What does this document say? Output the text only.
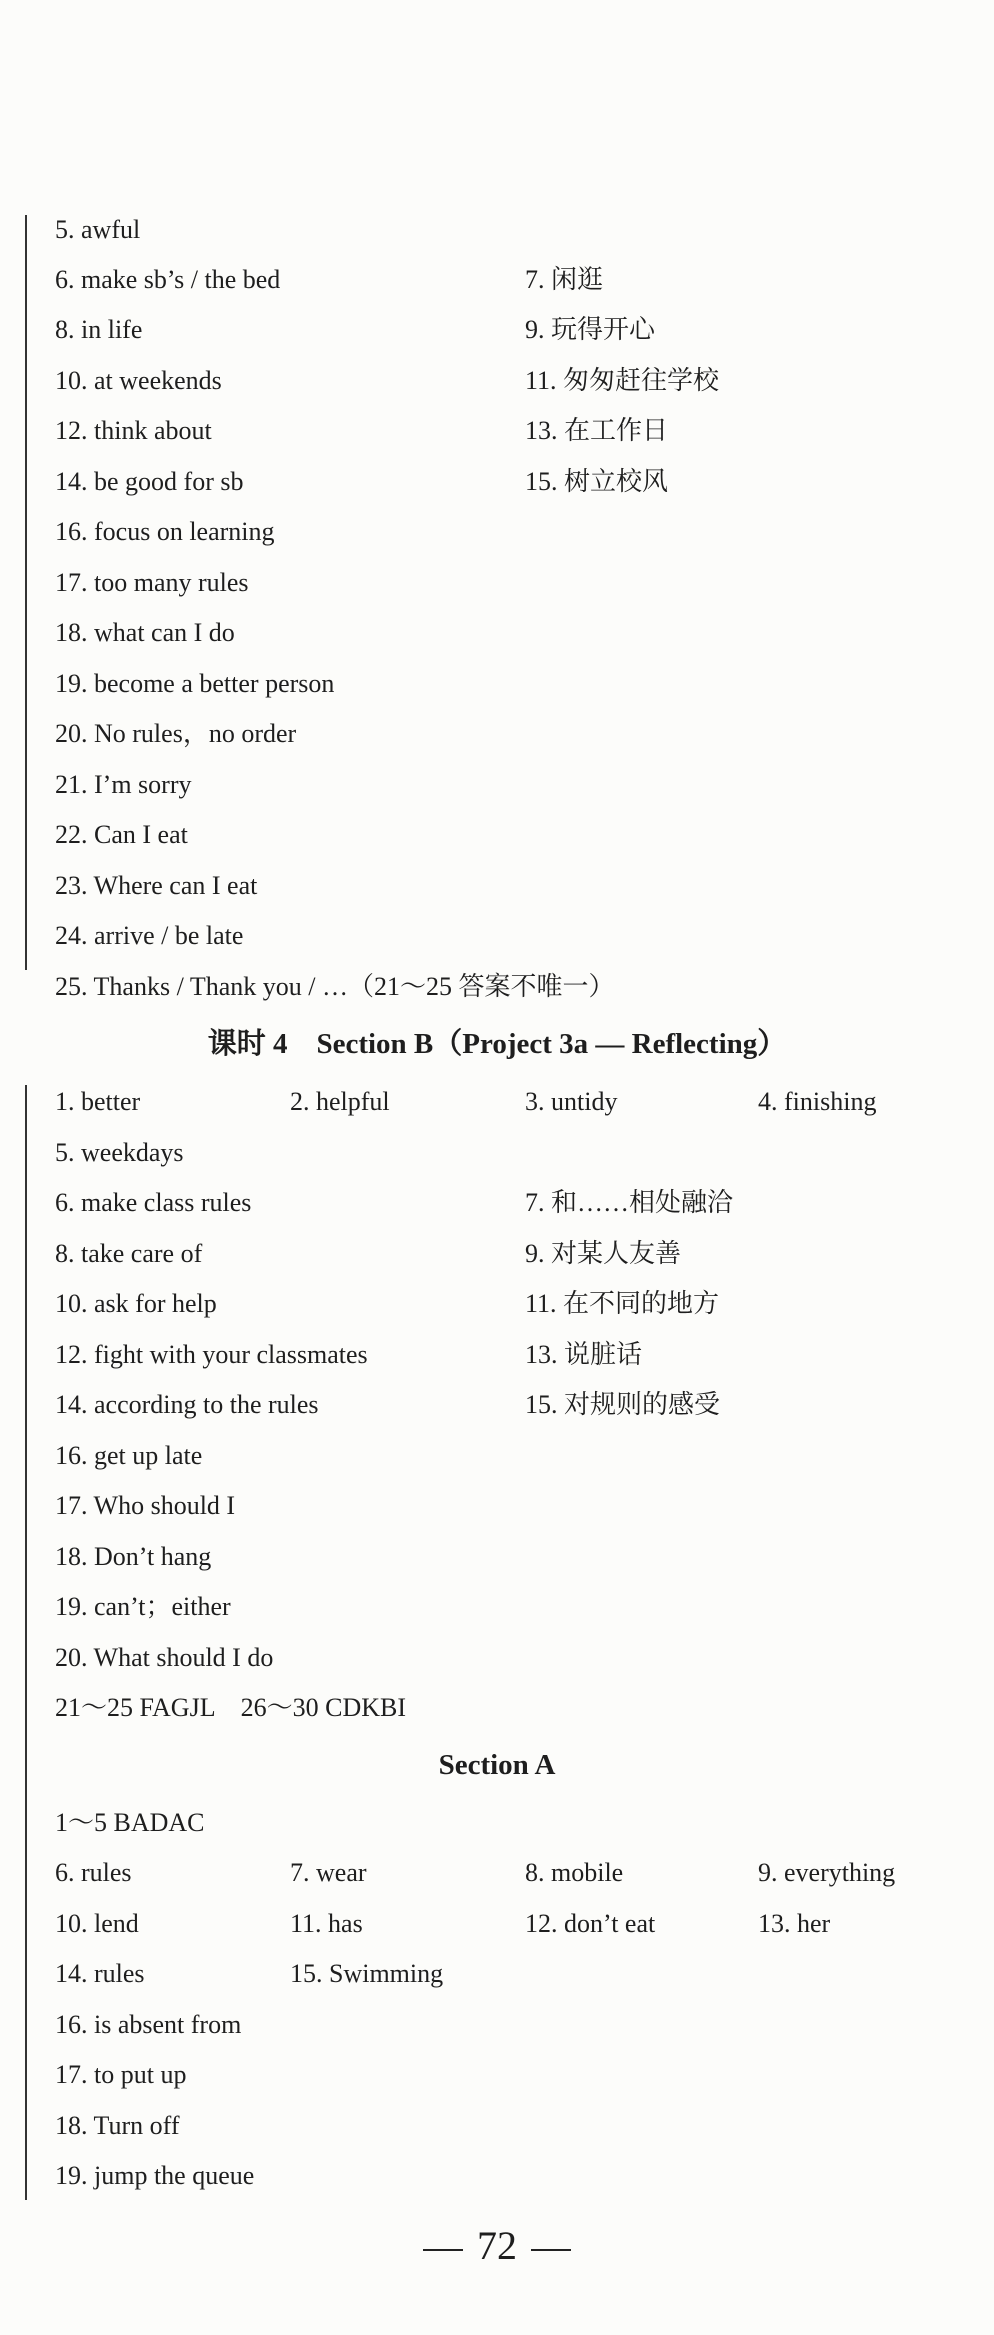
5. awful
6. make sb’s / the bed	7. 闲逛
8. in life	9. 玩得开心
10. at weekends	11. 匆匆赶往学校
12. think about	13. 在工作日
14. be good for sb	15. 树立校风
16. focus on learning
17. too many rules
18. what can I do
19. become a better person
20. No rules，no order
21. I’m sorry
22. Can I eat
23. Where can I eat
24. arrive / be late
25. Thanks / Thank you / …（21～25 答案不唯一）
课时 4　Section B（Project 3a — Reflecting）
1. better	2. helpful	3. untidy	4. finishing
5. weekdays
6. make class rules	7. 和……相处融洽
8. take care of	9. 对某人友善
10. ask for help	11. 在不同的地方
12. fight with your classmates	13. 说脏话
14. according to the rules	15. 对规则的感受
16. get up late
17. Who should I
18. Don’t hang
19. can’t；either
20. What should I do
21～25 FAGJL　26～30 CDKBI
Section A
1～5 BADAC
6. rules	7. wear	8. mobile	9. everything
10. lend	11. has	12. don’t eat	13. her
14. rules	15. Swimming
16. is absent from
17. to put up
18. Turn off
19. jump the queue
72
